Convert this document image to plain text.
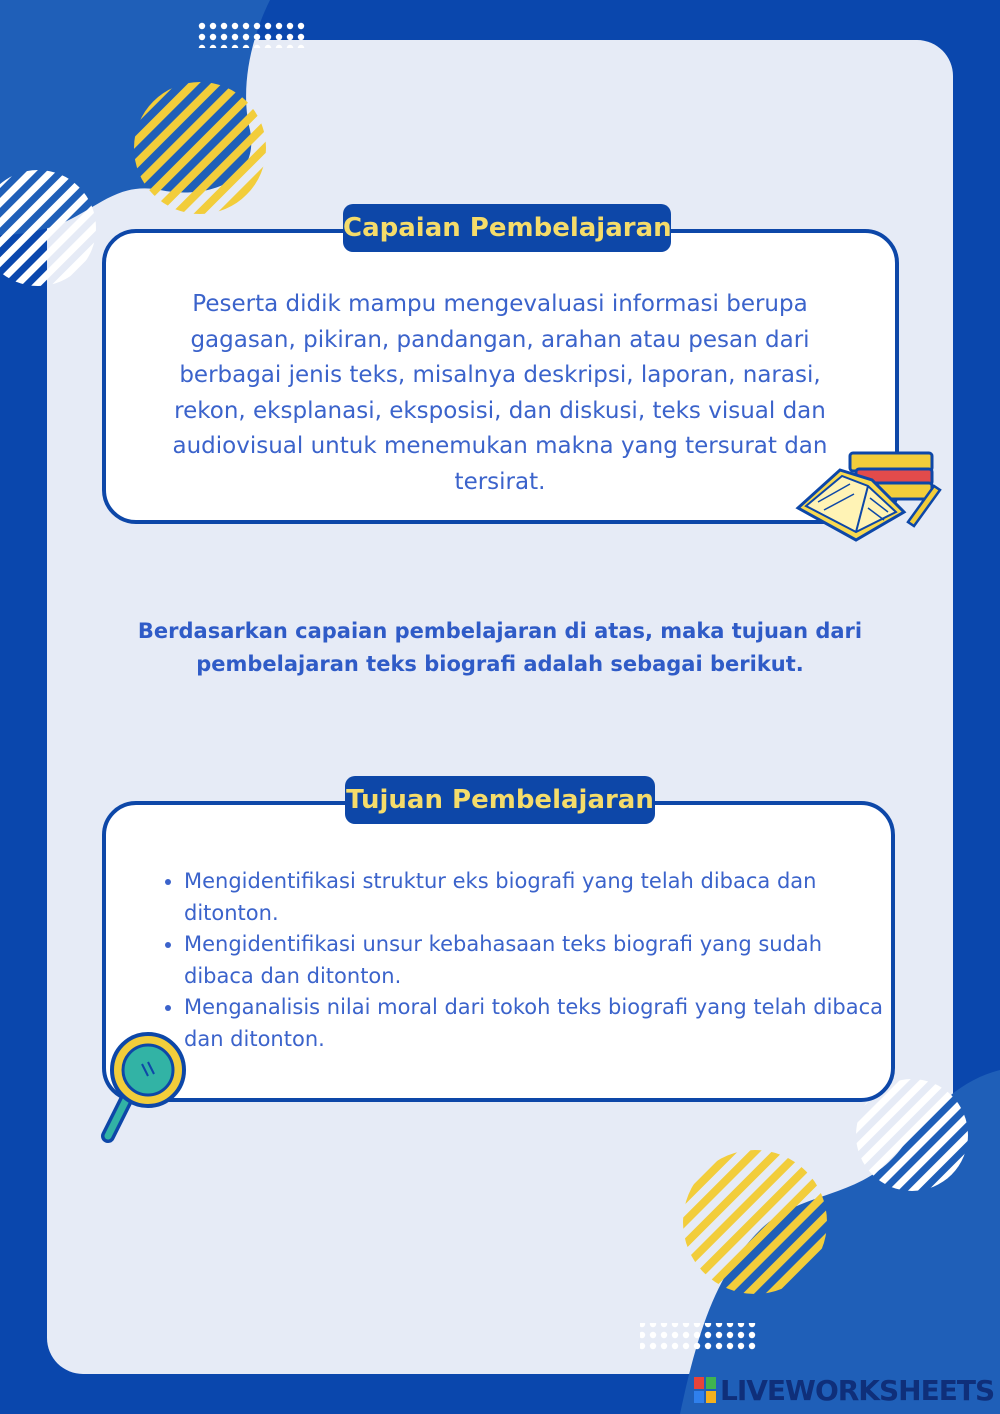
Capaian Pembelajaran
Peserta didik mampu mengevaluasi informasi berupa gagasan, pikiran, pandangan, arahan atau pesan dari berbagai jenis teks, misalnya deskripsi, laporan, narasi, rekon, eksplanasi, eksposisi, dan diskusi, teks visual dan audiovisual untuk menemukan makna yang tersurat dan tersirat.
Berdasarkan capaian pembelajaran di atas, maka tujuan dari pembelajaran teks biografi adalah sebagai berikut.
Tujuan Pembelajaran
• Mengidentifikasi struktur eks biografi yang telah dibaca dan ditonton.
• Mengidentifikasi unsur kebahasaan teks biografi yang sudah dibaca dan ditonton.
• Menganalisis nilai moral dari tokoh teks biografi yang telah dibaca dan ditonton.
LIVEWORKSHEETS
